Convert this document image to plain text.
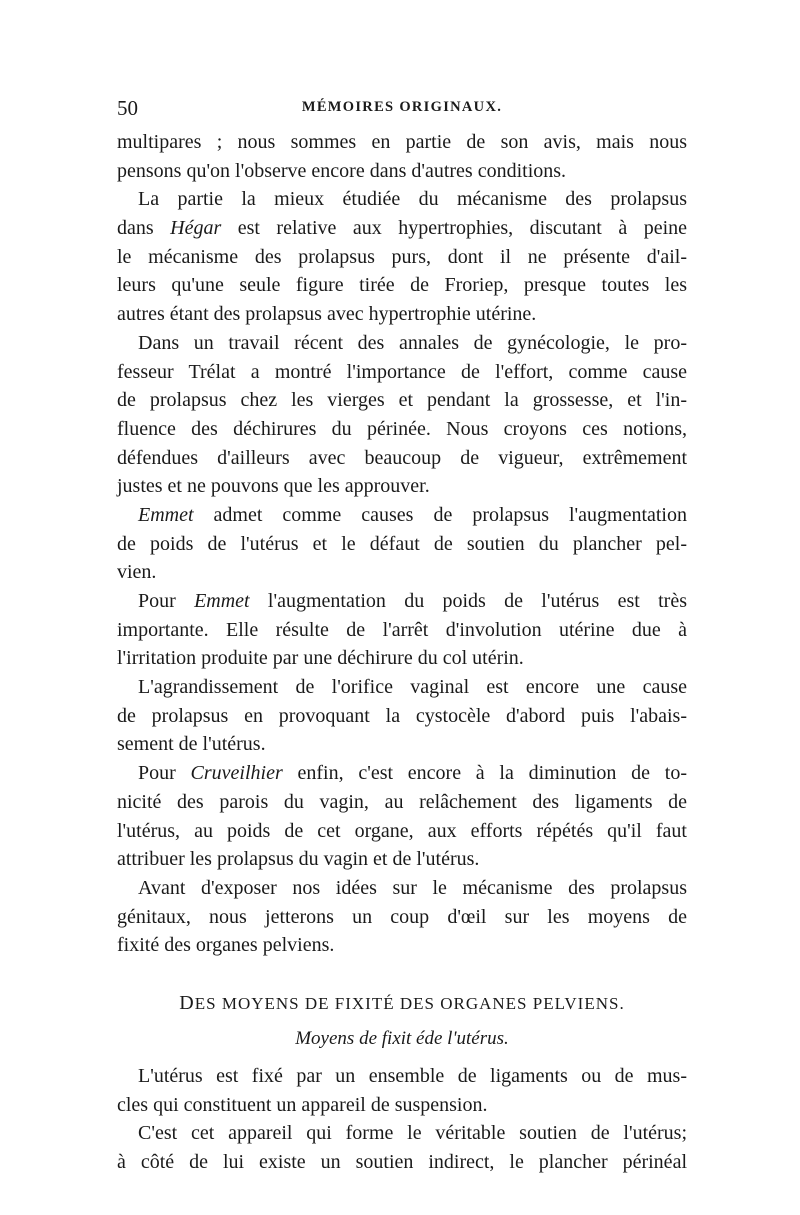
50	MÉMOIRES ORIGINAUX.
multipares ; nous sommes en partie de son avis, mais nous
pensons qu'on l'observe encore dans d'autres conditions.
La partie la mieux étudiée du mécanisme des prolapsus
dans Hégar est relative aux hypertrophies, discutant à peine
le mécanisme des prolapsus purs, dont il ne présente d'ail-
leurs qu'une seule figure tirée de Froriep, presque toutes les
autres étant des prolapsus avec hypertrophie utérine.
Dans un travail récent des annales de gynécologie, le pro-
fesseur Trélat a montré l'importance de l'effort, comme cause
de prolapsus chez les vierges et pendant la grossesse, et l'in-
fluence des déchirures du périnée. Nous croyons ces notions,
défendues d'ailleurs avec beaucoup de vigueur, extrêmement
justes et ne pouvons que les approuver.
Emmet admet comme causes de prolapsus l'augmentation
de poids de l'utérus et le défaut de soutien du plancher pel-
vien.
Pour Emmet l'augmentation du poids de l'utérus est très
importante. Elle résulte de l'arrêt d'involution utérine due à
l'irritation produite par une déchirure du col utérin.
L'agrandissement de l'orifice vaginal est encore une cause
de prolapsus en provoquant la cystocèle d'abord puis l'abais-
sement de l'utérus.
Pour Cruveilhier enfin, c'est encore à la diminution de to-
nicité des parois du vagin, au relâchement des ligaments de
l'utérus, au poids de cet organe, aux efforts répétés qu'il faut
attribuer les prolapsus du vagin et de l'utérus.
Avant d'exposer nos idées sur le mécanisme des prolapsus
génitaux, nous jetterons un coup d'œil sur les moyens de
fixité des organes pelviens.
DES MOYENS DE FIXITÉ DES ORGANES PELVIENS.
Moyens de fixit éde l'utérus.
L'utérus est fixé par un ensemble de ligaments ou de mus-
cles qui constituent un appareil de suspension.
C'est cet appareil qui forme le véritable soutien de l'utérus;
à côté de lui existe un soutien indirect, le plancher périnéal
